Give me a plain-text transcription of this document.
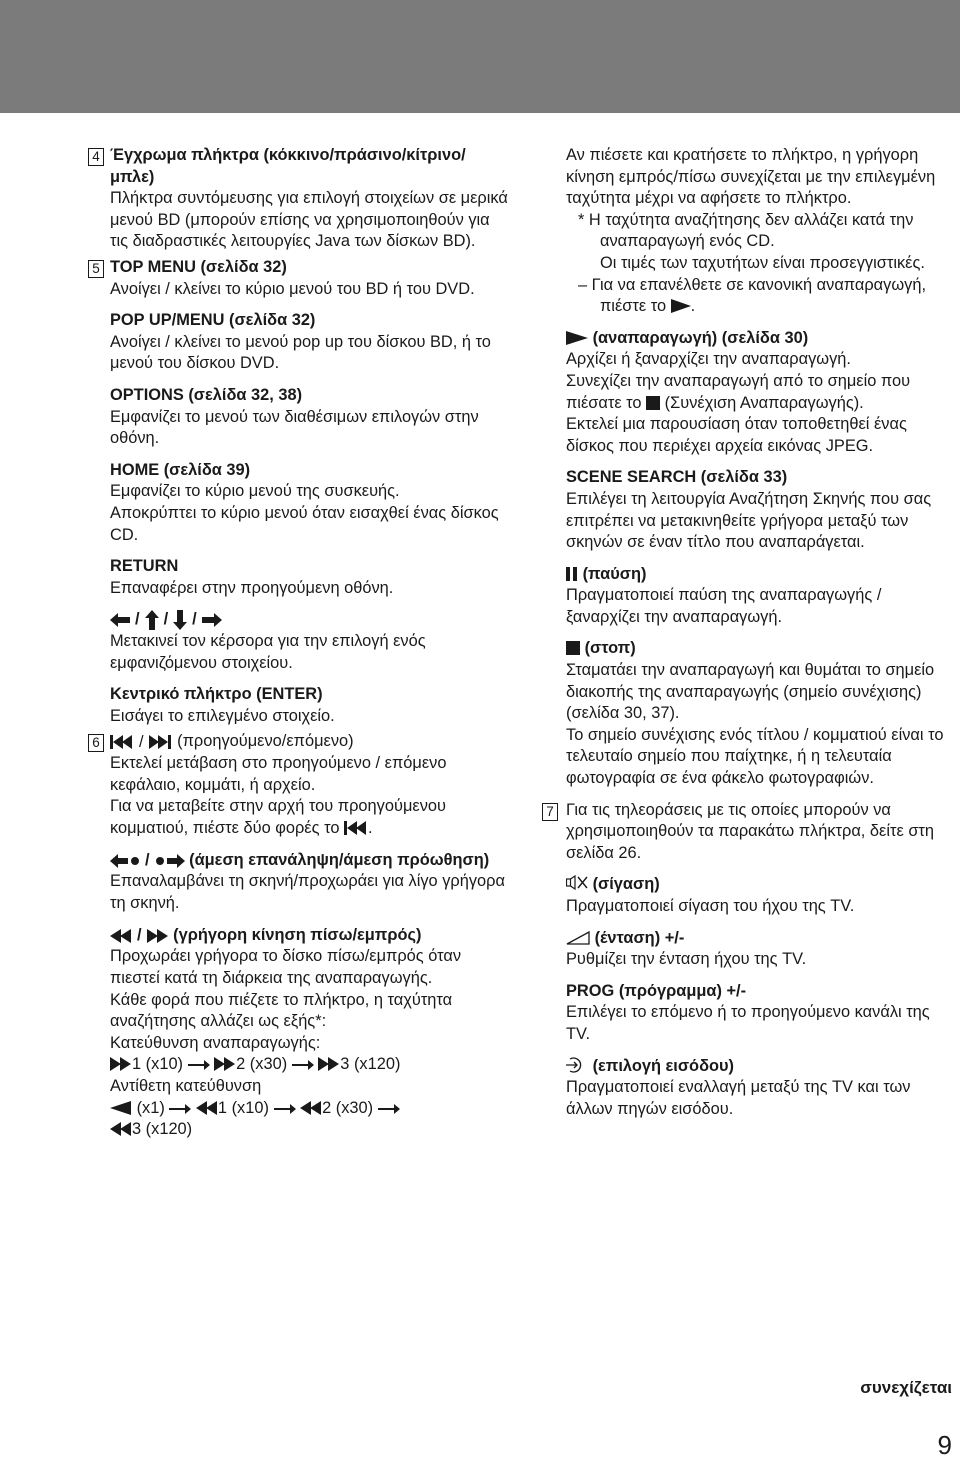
4 Έγχρωμα πλήκτρα (κόκκινο/πράσινο/κίτρινο/μπλε)

Πλήκτρα συντόμευσης για επιλογή στοιχείων σε μερικά μενού BD (μπορούν επίσης να χρησιμοποιηθούν για τις διαδραστικές λειτουργίες Java των δίσκων BD).

5 TOP MENU (σελίδα 32)

Ανοίγει / κλείνει το κύριο μενού του BD ή του DVD.

POP UP/MENU (σελίδα 32)

Ανοίγει / κλείνει το μενού pop up του δίσκου BD, ή το μενού του δίσκου DVD.

OPTIONS (σελίδα 32, 38)

Εμφανίζει το μενού των διαθέσιμων επιλογών στην οθόνη.

HOME (σελίδα 39)

Εμφανίζει το κύριο μενού της συσκευής.

Αποκρύπτει το κύριο μενού όταν εισαχθεί ένας δίσκος CD.

RETURN

Επαναφέρει στην προηγούμενη οθόνη.

/ / /

Μετακινεί τον κέρσορα για την επιλογή ενός εμφανιζόμενου στοιχείου.

Κεντρικό πλήκτρο (ENTER)

Εισάγει το επιλεγμένο στοιχείο.

6 / (προηγούμενο/επόμενο)

Εκτελεί μετάβαση στο προηγούμενο / επόμενο κεφάλαιο, κομμάτι, ή αρχείο.

Για να μεταβείτε στην αρχή του προηγούμενου κομματιού, πιέστε δύο φορές το .

/ (άμεση επανάληψη/άμεση πρόωθηση)

Επαναλαμβάνει τη σκηνή/προχωράει για λίγο γρήγορα τη σκηνή.

/ (γρήγορη κίνηση πίσω/εμπρός)

Προχωράει γρήγορα το δίσκο πίσω/εμπρός όταν πιεστεί κατά τη διάρκεια της αναπαραγωγής.

Κάθε φορά που πιέζετε το πλήκτρο, η ταχύτητα αναζήτησης αλλάζει ως εξής*:

Κατεύθυνση αναπαραγωγής:

1 (x10)
	2 (x30)
	3 (x120)

Αντίθετη κατεύθυνση

(x1)
	1 (x10)
	2 (x30)

3 (x120)

Αν πιέσετε και κρατήσετε το πλήκτρο, η γρήγορη κίνηση εμπρός/πίσω συνεχίζεται με την επιλεγμένη ταχύτητα μέχρι να αφήσετε το πλήκτρο.

* Η ταχύτητα αναζήτησης δεν αλλάζει κατά την αναπαραγωγή ενός CD.

Οι τιμές των ταχυτήτων είναι προσεγγιστικές.

– Για να επανέλθετε σε κανονική αναπαραγωγή, πιέστε το .

(αναπαραγωγή) (σελίδα 30)

Αρχίζει ή ξαναρχίζει την αναπαραγωγή.

Συνεχίζει την αναπαραγωγή από το σημείο που πιέσατε το (Συνέχιση Αναπαραγωγής).

Εκτελεί μια παρουσίαση όταν τοποθετηθεί ένας δίσκος που περιέχει αρχεία εικόνας JPEG.

SCENE SEARCH (σελίδα 33)

Επιλέγει τη λειτουργία Αναζήτηση Σκηνής που σας επιτρέπει να μετακινηθείτε γρήγορα μεταξύ των σκηνών σε έναν τίτλο που αναπαράγεται.

(παύση)

Πραγματοποιεί παύση της αναπαραγωγής / ξαναρχίζει την αναπαραγωγή.

(στοπ)

Σταματάει την αναπαραγωγή και θυμάται το σημείο διακοπής της αναπαραγωγής (σημείο συνέχισης) (σελίδα 30, 37).

Το σημείο συνέχισης ενός τίτλου / κομματιού είναι το τελευταίο σημείο που παίχτηκε, ή η τελευταία φωτογραφία σε ένα φάκελο φωτογραφιών.

7 Για τις τηλεοράσεις με τις οποίες μπορούν να χρησιμοποιηθούν τα παρακάτω πλήκτρα, δείτε στη σελίδα 26.

(σίγαση)

Πραγματοποιεί σίγαση του ήχου της TV.

(ένταση) +/-

Ρυθμίζει την ένταση ήχου της TV.

PROG (πρόγραμμα) +/-

Επιλέγει το επόμενο ή το προηγούμενο κανάλι της TV.

(επιλογή εισόδου)

Πραγματοποιεί εναλλαγή μεταξύ της TV και των άλλων πηγών εισόδου.

συνεχίζεται
9
